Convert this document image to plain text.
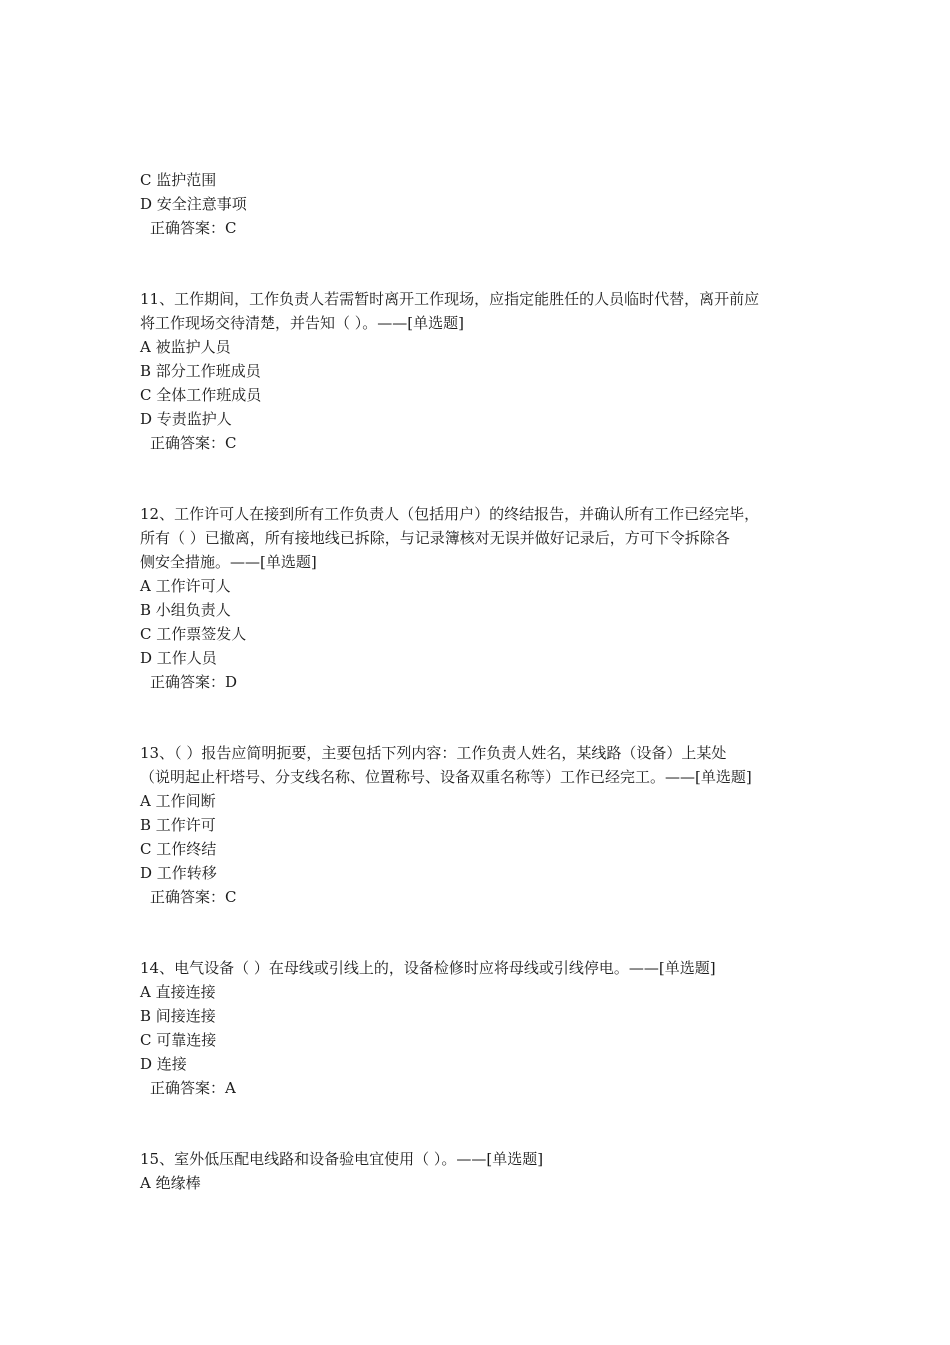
C 监护范围
D 安全注意事项
正确答案：C
11、工作期间，工作负责人若需暂时离开工作现场，应指定能胜任的人员临时代替，离开前应
将工作现场交待清楚，并告知（ ）。——[单选题]
A 被监护人员
B 部分工作班成员
C 全体工作班成员
D 专责监护人
正确答案：C
12、工作许可人在接到所有工作负责人（包括用户）的终结报告，并确认所有工作已经完毕，
所有（ ）已撤离，所有接地线已拆除，与记录簿核对无误并做好记录后，方可下令拆除各
侧安全措施。——[单选题]
A 工作许可人
B 小组负责人
C 工作票签发人
D 工作人员
正确答案：D
13、（ ）报告应简明扼要，主要包括下列内容：工作负责人姓名，某线路（设备）上某处
（说明起止杆塔号、分支线名称、位置称号、设备双重名称等）工作已经完工。——[单选题]
A 工作间断
B 工作许可
C 工作终结
D 工作转移
正确答案：C
14、电气设备（ ）在母线或引线上的，设备检修时应将母线或引线停电。——[单选题]
A 直接连接
B 间接连接
C 可靠连接
D 连接
正确答案：A
15、室外低压配电线路和设备验电宜使用（ ）。——[单选题]
A 绝缘棒
